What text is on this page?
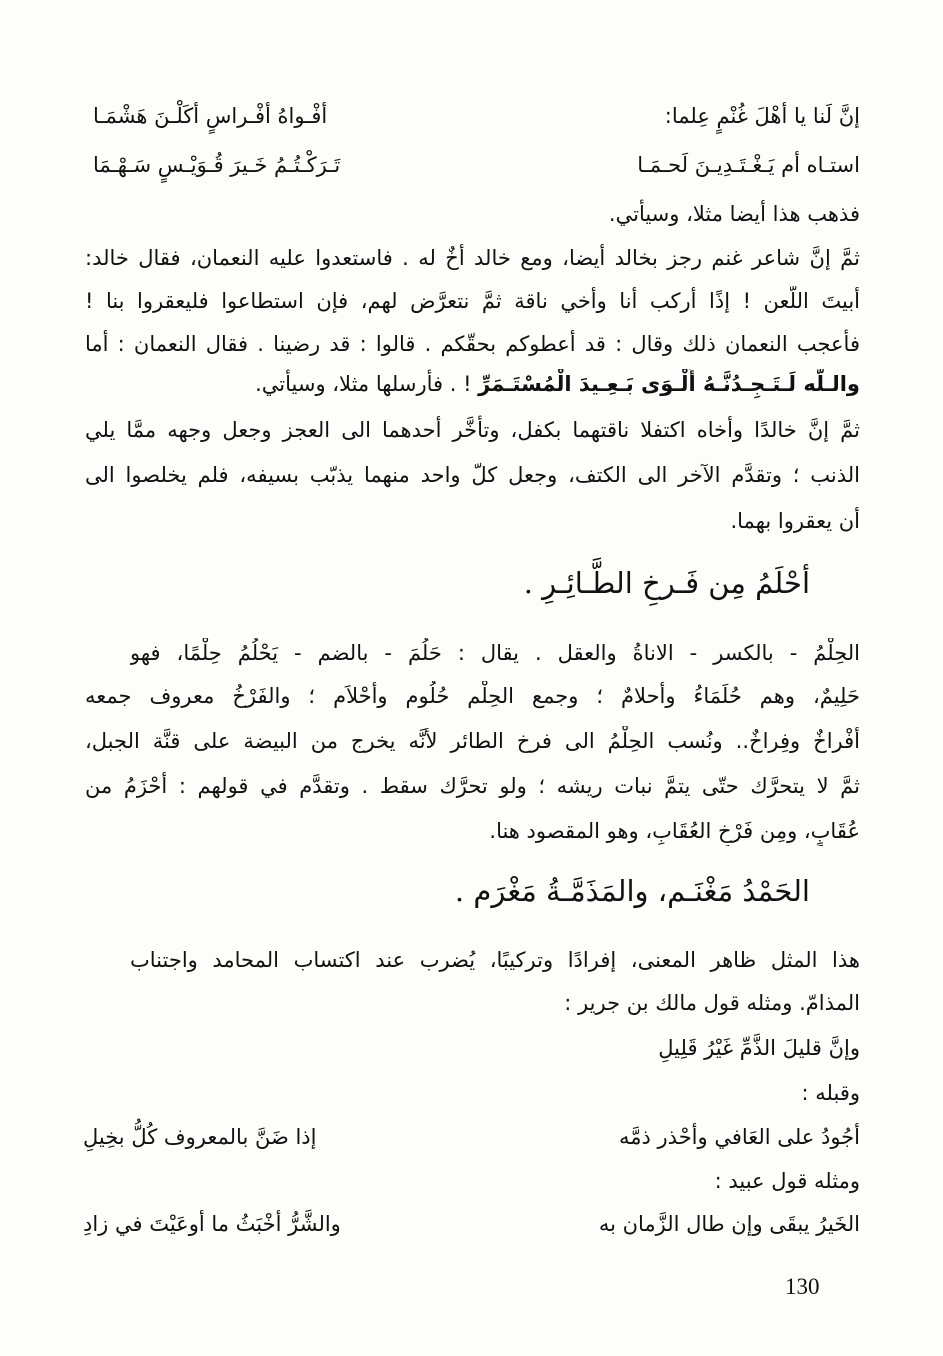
إنَّ لَنا يا أهْلَ غُنْمٍ عِلما:
أفْـواهُ أفْـراسٍ أكَلْـنَ هَشْمَـا
استـاه أم يَـغْـتَـدِيـنَ لَحـمَـا
تَـرَكْـتُـمُ خَـيرَ قُـوَيْـسٍ سَـهْـمَا
فذهب هذا أيضا مثلا، وسيأتي.
ثمَّ إنَّ شاعر غنم رجز بخالد أيضا، ومع خالد أخٌ له . فاستعدوا عليه النعمان، فقال خالد:
أبيتَ اللّعن ! إذًا أركب أنا وأخي ناقة ثمَّ نتعرَّض لهم، فإن استطاعوا فليعقروا بنا !
فأعجب النعمان ذلك وقال : قد أعطوكم بحقّكم . قالوا : قد رضينا . فقال النعمان : أما
والـلّه لَـتَـجِـدُنَّـهُ أَلْـوَى بَـعِـيدَ الْمُسْتَـمَرِّ ! . فأرسلها مثلا، وسيأتي.
ثمَّ إنَّ خالدًا وأخاه اكتفلا ناقتهما بكفل، وتأخَّر أحدهما الى العجز وجعل وجهه ممَّا يلي
الذنب ؛ وتقدَّم الآخر الى الكتف، وجعل كلّ واحد منهما يذبّب بسيفه، فلم يخلصوا الى
أن يعقروا بهما.
أحْلَمُ مِن فَـرخِ الطَّـائِـرِ .
الحِلْمُ - بالكسر - الاناةُ والعقل . يقال : حَلُمَ - بالضم - يَحْلُمُ حِلْمًا، فهو
حَلِيمٌ، وهم حُلَمَاءُ وأحلامٌ ؛ وجمع الحِلْم حُلُوم وأحْلاَم ؛ والفَرْخُ معروف جمعه
أفْراخٌ وفِراخٌ.. ونُسب الحِلْمُ الى فرخ الطائر لأنَّه يخرج من البيضة على قنَّة الجبل،
ثمَّ لا يتحرَّك حتّى يتمَّ نبات ريشه ؛ ولو تحرَّك سقط . وتقدَّم في قولهم : أحْزَمُ من
عُقَابٍ، ومِن فَرْخِ العُقَابِ، وهو المقصود هنا.
الحَمْدُ مَغْنَـم، والمَذَمَّـةُ مَغْرَم .
هذا المثل ظاهر المعنى، إفرادًا وتركيبًا، يُضرب عند اكتساب المحامد واجتناب
المذامّ. ومثله قول مالك بن جرير :
وإنَّ قليلَ الذَّمِّ غَيْرُ قَلِيلِ
وقبله :
أجُودُ على العَافي وأحْذر ذمَّه
إذا ضَنَّ بالمعروف كُلُّ بخِيلِ
ومثله قول عبيد :
الخَيرُ يبقَى وإن طال الزَّمان به
والشَّرُّ أخْبَثُ ما أوعَيْتَ في زادِ
130
